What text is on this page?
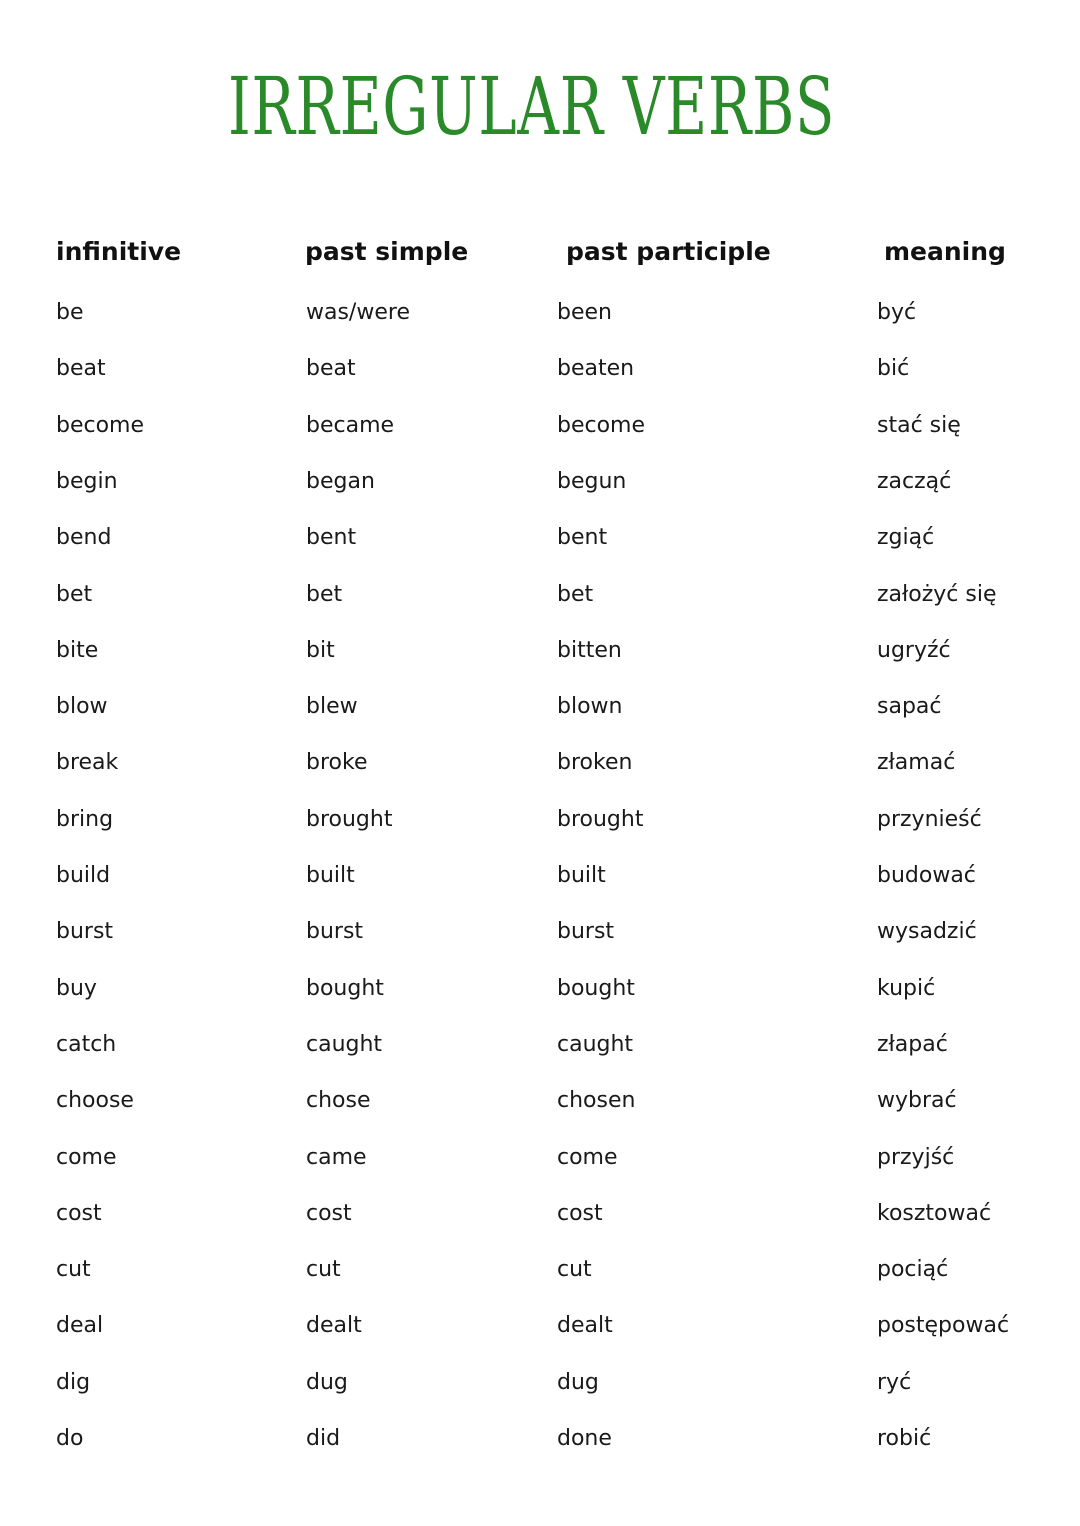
IRREGULAR VERBS
infinitive	past simple	past participle	meaning
be	was/were	been	być
beat	beat	beaten	bić
become	became	become	stać się
begin	began	begun	zacząć
bend	bent	bent	zgiąć
bet	bet	bet	założyć się
bite	bit	bitten	ugryźć
blow	blew	blown	sapać
break	broke	broken	złamać
bring	brought	brought	przynieść
build	built	built	budować
burst	burst	burst	wysadzić
buy	bought	bought	kupić
catch	caught	caught	złapać
choose	chose	chosen	wybrać
come	came	come	przyjść
cost	cost	cost	kosztować
cut	cut	cut	pociąć
deal	dealt	dealt	postępować
dig	dug	dug	ryć
do	did	done	robić
